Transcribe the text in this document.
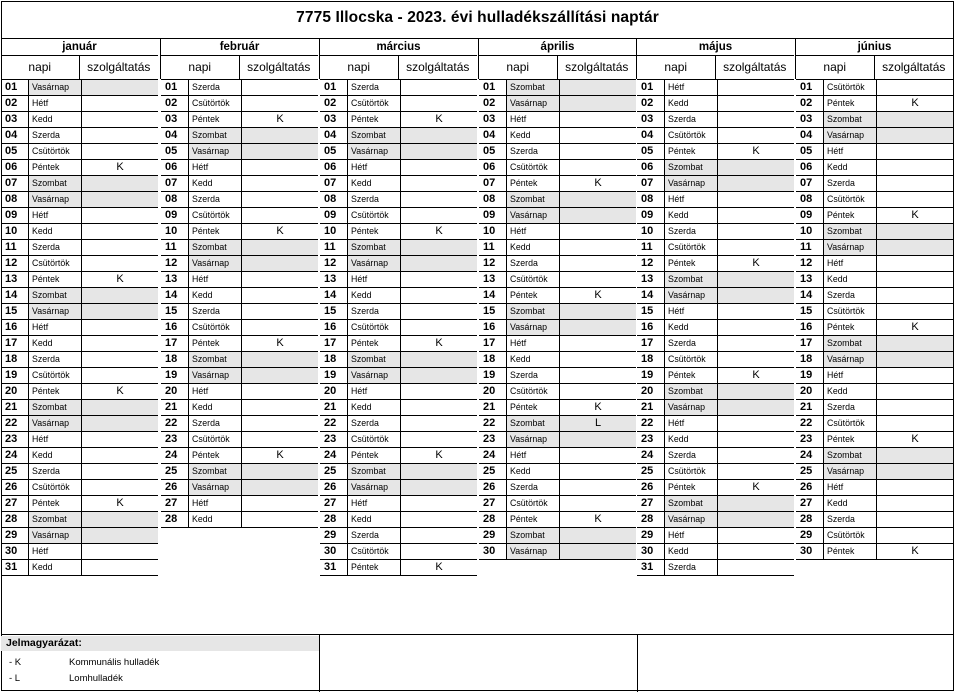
7775 Illocska - 2023. évi hulladékszállítási naptár
január
napi	szolgáltatás
01	Vasárnap
02	Hétf
03	Kedd
04	Szerda
05	Csütörtök
06	Péntek	K
07	Szombat
08	Vasárnap
09	Hétf
10	Kedd
11	Szerda
12	Csütörtök
13	Péntek	K
14	Szombat
15	Vasárnap
16	Hétf
17	Kedd
18	Szerda
19	Csütörtök
20	Péntek	K
21	Szombat
22	Vasárnap
23	Hétf
24	Kedd
25	Szerda
26	Csütörtök
27	Péntek	K
28	Szombat
29	Vasárnap
30	Hétf
31	Kedd
február
napi	szolgáltatás
01	Szerda
02	Csütörtök
03	Péntek	K
04	Szombat
05	Vasárnap
06	Hétf
07	Kedd
08	Szerda
09	Csütörtök
10	Péntek	K
11	Szombat
12	Vasárnap
13	Hétf
14	Kedd
15	Szerda
16	Csütörtök
17	Péntek	K
18	Szombat
19	Vasárnap
20	Hétf
21	Kedd
22	Szerda
23	Csütörtök
24	Péntek	K
25	Szombat
26	Vasárnap
27	Hétf
28	Kedd
március
napi	szolgáltatás
01	Szerda
02	Csütörtök
03	Péntek	K
04	Szombat
05	Vasárnap
06	Hétf
07	Kedd
08	Szerda
09	Csütörtök
10	Péntek	K
11	Szombat
12	Vasárnap
13	Hétf
14	Kedd
15	Szerda
16	Csütörtök
17	Péntek	K
18	Szombat
19	Vasárnap
20	Hétf
21	Kedd
22	Szerda
23	Csütörtök
24	Péntek	K
25	Szombat
26	Vasárnap
27	Hétf
28	Kedd
29	Szerda
30	Csütörtök
31	Péntek	K
április
napi	szolgáltatás
01	Szombat
02	Vasárnap
03	Hétf
04	Kedd
05	Szerda
06	Csütörtök
07	Péntek	K
08	Szombat
09	Vasárnap
10	Hétf
11	Kedd
12	Szerda
13	Csütörtök
14	Péntek	K
15	Szombat
16	Vasárnap
17	Hétf
18	Kedd
19	Szerda
20	Csütörtök
21	Péntek	K
22	Szombat	L
23	Vasárnap
24	Hétf
25	Kedd
26	Szerda
27	Csütörtök
28	Péntek	K
29	Szombat
30	Vasárnap
május
napi	szolgáltatás
01	Hétf
02	Kedd
03	Szerda
04	Csütörtök
05	Péntek	K
06	Szombat
07	Vasárnap
08	Hétf
09	Kedd
10	Szerda
11	Csütörtök
12	Péntek	K
13	Szombat
14	Vasárnap
15	Hétf
16	Kedd
17	Szerda
18	Csütörtök
19	Péntek	K
20	Szombat
21	Vasárnap
22	Hétf
23	Kedd
24	Szerda
25	Csütörtök
26	Péntek	K
27	Szombat
28	Vasárnap
29	Hétf
30	Kedd
31	Szerda
június
napi	szolgáltatás
01	Csütörtök
02	Péntek	K
03	Szombat
04	Vasárnap
05	Hétf
06	Kedd
07	Szerda
08	Csütörtök
09	Péntek	K
10	Szombat
11	Vasárnap
12	Hétf
13	Kedd
14	Szerda
15	Csütörtök
16	Péntek	K
17	Szombat
18	Vasárnap
19	Hétf
20	Kedd
21	Szerda
22	Csütörtök
23	Péntek	K
24	Szombat
25	Vasárnap
26	Hétf
27	Kedd
28	Szerda
29	Csütörtök
30	Péntek	K
Jelmagyarázat:
- K	Kommunális hulladék
- L	Lomhulladék
